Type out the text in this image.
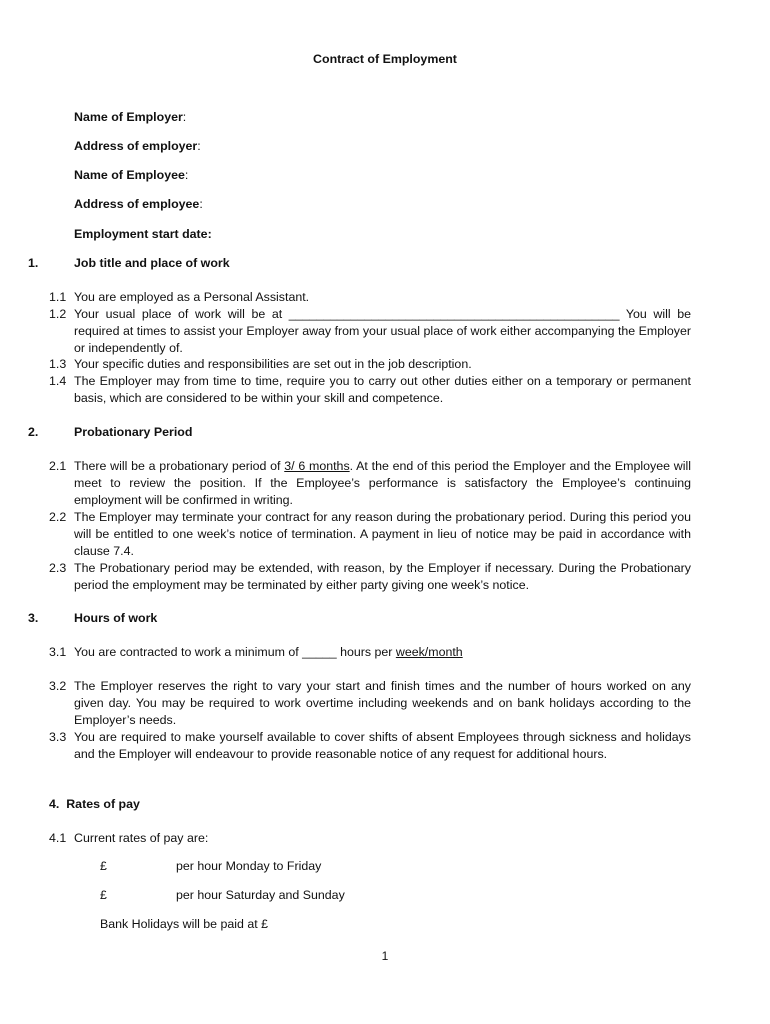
Contract of Employment
Name of Employer:
Address of employer:
Name of Employee:
Address of employee:
Employment start date:
1.	Job title and place of work
1.1 You are employed as a Personal Assistant.
1.2 Your usual place of work will be at ________________________________________________ You will be required at times to assist your Employer away from your usual place of work either accompanying the Employer or independently of.
1.3 Your specific duties and responsibilities are set out in the job description.
1.4 The Employer may from time to time, require you to carry out other duties either on a temporary or permanent basis, which are considered to be within your skill and competence.
2.	Probationary Period
2.1 There will be a probationary period of 3/ 6 months. At the end of this period the Employer and the Employee will meet to review the position. If the Employee’s performance is satisfactory the Employee’s continuing employment will be confirmed in writing.
2.2 The Employer may terminate your contract for any reason during the probationary period. During this period you will be entitled to one week’s notice of termination. A payment in lieu of notice may be paid in accordance with clause 7.4.
2.3 The Probationary period may be extended, with reason, by the Employer if necessary. During the Probationary period the employment may be terminated by either party giving one week’s notice.
3.	Hours of work
3.1 You are contracted to work a minimum of _____ hours per week/month
3.2 The Employer reserves the right to vary your start and finish times and the number of hours worked on any given day. You may be required to work overtime including weekends and on bank holidays according to the Employer’s needs.
3.3 You are required to make yourself available to cover shifts of absent Employees through sickness and holidays and the Employer will endeavour to provide reasonable notice of any request for additional hours.
4. Rates of pay
4.1 Current rates of pay are:
£	per hour Monday to Friday
£	per hour Saturday and Sunday
Bank Holidays will be paid at £
1
